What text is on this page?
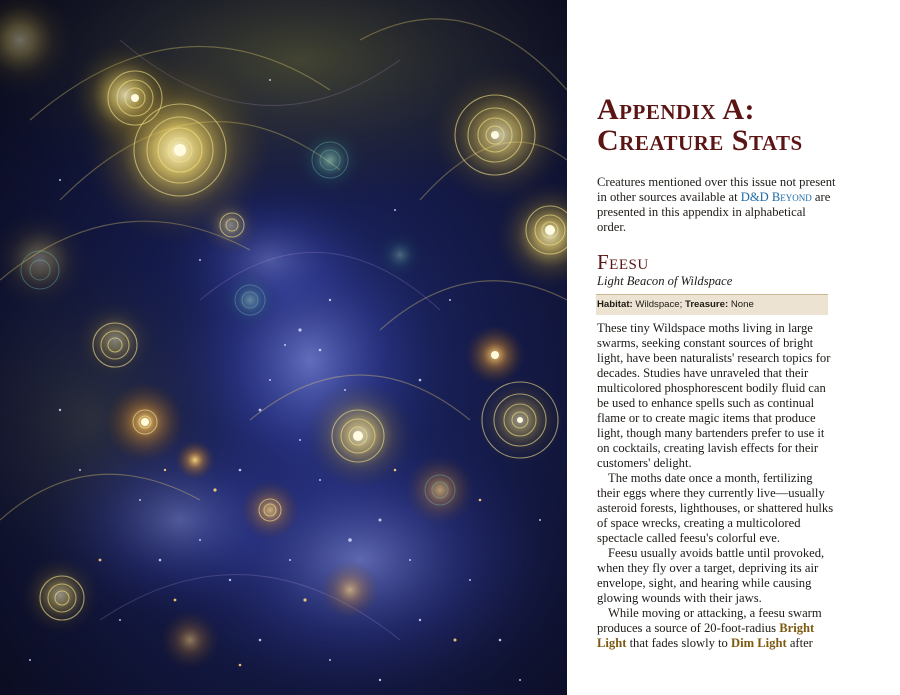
Appendix A:
Creature Stats

Creatures mentioned over this issue not present in other sources available at D&D Beyond are presented in this appendix in alphabetical order.

Feesu
Light Beacon of Wildspace
Habitat: Wildspace; Treasure: None

These tiny Wildspace moths living in large swarms, seeking constant sources of bright light, have been naturalists' research topics for decades. Studies have unraveled that their multicolored phosphorescent bodily fluid can be used to enhance spells such as continual flame or to create magic items that produce light, though many bartenders prefer to use it on cocktails, creating lavish effects for their customers' delight.

The moths date once a month, fertilizing their eggs where they currently live—usually asteroid forests, lighthouses, or shattered hulks of space wrecks, creating a multicolored spectacle called feesu's colorful eve.

Feesu usually avoids battle until provoked, when they fly over a target, depriving its air envelope, sight, and hearing while causing glowing wounds with their jaws.

While moving or attacking, a feesu swarm produces a source of 20-foot-radius Bright Light that fades slowly to Dim Light after
